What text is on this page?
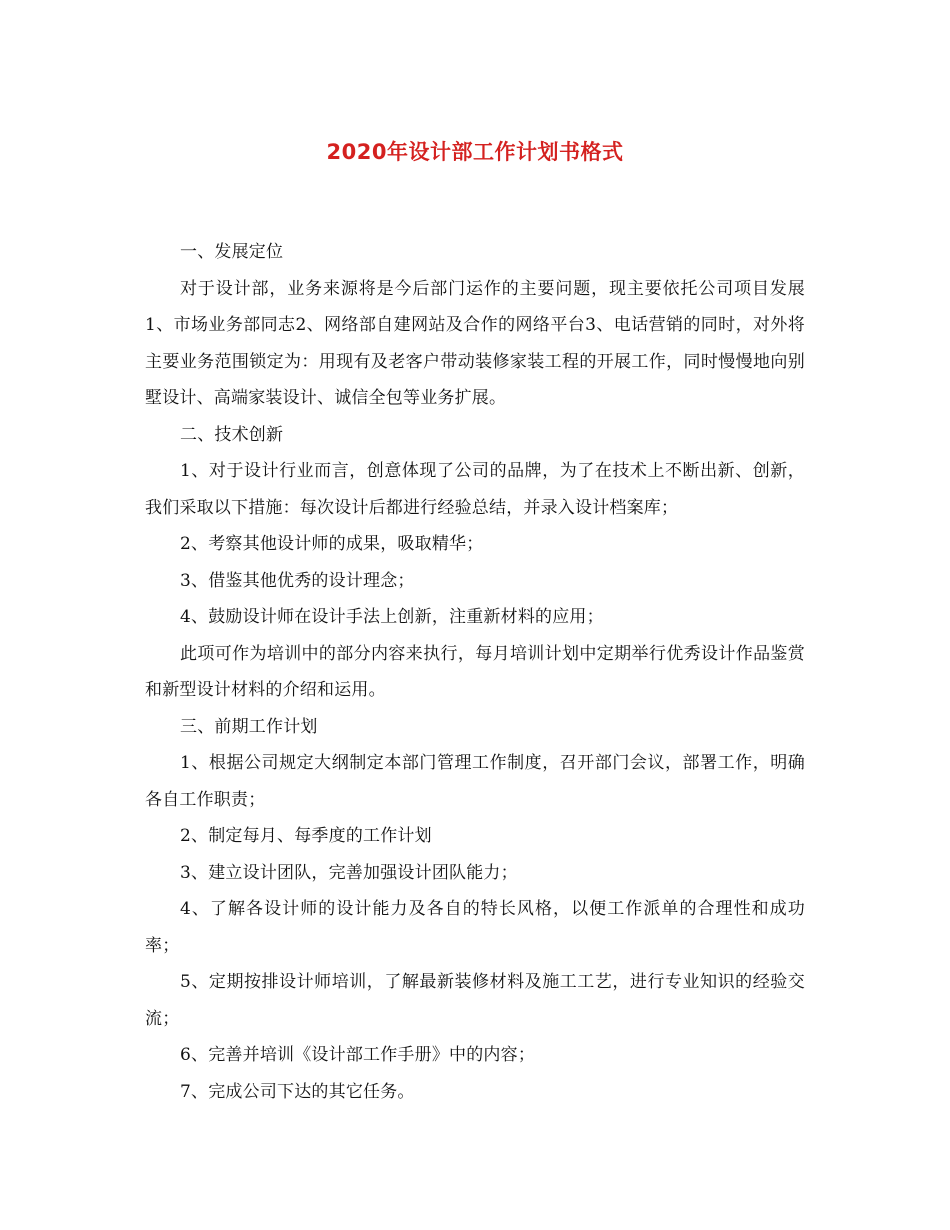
2020年设计部工作计划书格式

一、发展定位

对于设计部，业务来源将是今后部门运作的主要问题，现主要依托公司项目发展1、市场业务部同志2、网络部自建网站及合作的网络平台3、电话营销的同时，对外将主要业务范围锁定为：用现有及老客户带动装修家装工程的开展工作，同时慢慢地向别墅设计、高端家装设计、诚信全包等业务扩展。

二、技术创新

1、对于设计行业而言，创意体现了公司的品牌，为了在技术上不断出新、创新，我们采取以下措施：每次设计后都进行经验总结，并录入设计档案库；

2、考察其他设计师的成果，吸取精华；

3、借鉴其他优秀的设计理念；

4、鼓励设计师在设计手法上创新，注重新材料的应用；

此项可作为培训中的部分内容来执行，每月培训计划中定期举行优秀设计作品鉴赏和新型设计材料的介绍和运用。

三、前期工作计划

1、根据公司规定大纲制定本部门管理工作制度，召开部门会议，部署工作，明确各自工作职责；

2、制定每月、每季度的工作计划

3、建立设计团队，完善加强设计团队能力；

4、了解各设计师的设计能力及各自的特长风格，以便工作派单的合理性和成功率；

5、定期按排设计师培训，了解最新装修材料及施工工艺，进行专业知识的经验交流；

6、完善并培训《设计部工作手册》中的内容；

7、完成公司下达的其它任务。
